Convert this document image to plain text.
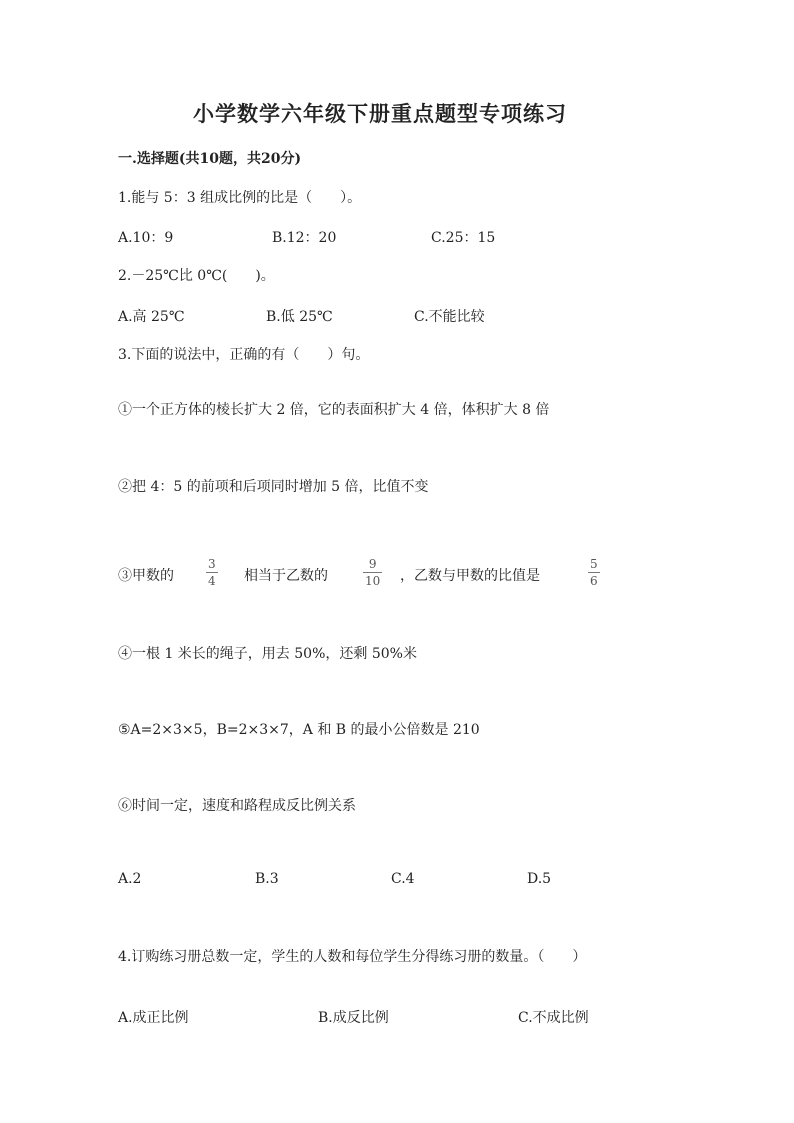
小学数学六年级下册重点题型专项练习
一.选择题(共10题，共20分)
1.能与 5：3 组成比例的比是（　　）。
A.10：9	B.12：20	C.25：15
2.－25℃比 0℃(　　)。
A.高 25℃	B.低 25℃	C.不能比较
3.下面的说法中，正确的有（　　）句。
①一个正方体的棱长扩大 2 倍，它的表面积扩大 4 倍，体积扩大 8 倍
②把 4：5 的前项和后项同时增加 5 倍，比值不变
③甲数的
3
4 相当于乙数的
9
10 ，乙数与甲数的比值是
5
6
④一根 1 米长的绳子，用去 50%，还剩 50%米
⑤A=2×3×5，B=2×3×7，A 和 B 的最小公倍数是 210
⑥时间一定，速度和路程成反比例关系
A.2	B.3	C.4	D.5
4.订购练习册总数一定，学生的人数和每位学生分得练习册的数量。（　　）
A.成正比例	B.成反比例	C.不成比例
